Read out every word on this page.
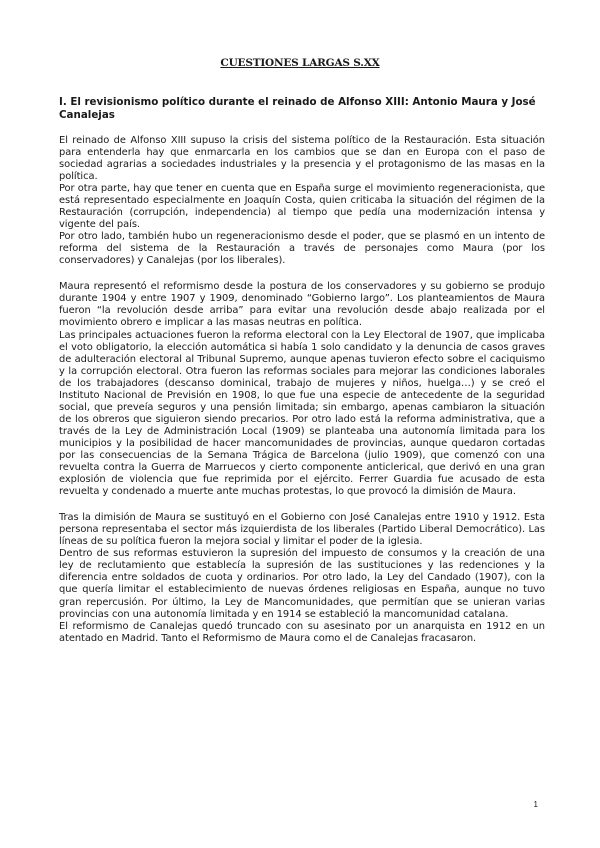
CUESTIONES LARGAS S.XX
I. El revisionismo político durante el reinado de Alfonso XIII: Antonio Maura y José Canalejas

El reinado de Alfonso XIII supuso la crisis del sistema político de la Restauración. Esta situación para entenderla hay que enmarcarla en los cambios que se dan en Europa con el paso de sociedad agrarias a sociedades industriales y la presencia y el protagonismo de las masas en la política.

Por otra parte, hay que tener en cuenta que en España surge el movimiento regeneracionista, que está representado especialmente en Joaquín Costa, quien criticaba la situación del régimen de la Restauración (corrupción, independencia) al tiempo que pedía una modernización intensa y vigente del país.

Por otro lado, también hubo un regeneracionismo desde el poder, que se plasmó en un intento de reforma del sistema de la Restauración a través de personajes como Maura (por los conservadores) y Canalejas (por los liberales).

Maura representó el reformismo desde la postura de los conservadores y su gobierno se produjo durante 1904 y entre 1907 y 1909, denominado “Gobierno largo”. Los planteamientos de Maura fueron “la revolución desde arriba” para evitar una revolución desde abajo realizada por el movimiento obrero e implicar a las masas neutras en política.

Las principales actuaciones fueron la reforma electoral con la Ley Electoral de 1907, que implicaba el voto obligatorio, la elección automática si había 1 solo candidato y la denuncia de casos graves de adulteración electoral al Tribunal Supremo, aunque apenas tuvieron efecto sobre el caciquismo y la corrupción electoral. Otra fueron las reformas sociales para mejorar las condiciones laborales de los trabajadores (descanso dominical, trabajo de mujeres y niños, huelga…) y se creó el Instituto Nacional de Previsión en 1908, lo que fue una especie de antecedente de la seguridad social, que preveía seguros y una pensión limitada; sin embargo, apenas cambiaron la situación de los obreros que siguieron siendo precarios. Por otro lado está la reforma administrativa, que a través de la Ley de Administración Local (1909) se planteaba una autonomía limitada para los municipios y la posibilidad de hacer mancomunidades de provincias, aunque quedaron cortadas por las consecuencias de la Semana Trágica de Barcelona (julio 1909), que comenzó con una revuelta contra la Guerra de Marruecos y cierto componente anticlerical, que derivó en una gran explosión de violencia que fue reprimida por el ejército. Ferrer Guardia fue acusado de esta revuelta y condenado a muerte ante muchas protestas, lo que provocó la dimisión de Maura.

Tras la dimisión de Maura se sustituyó en el Gobierno con José Canalejas entre 1910 y 1912. Esta persona representaba el sector más izquierdista de los liberales (Partido Liberal Democrático). Las líneas de su política fueron la mejora social y limitar el poder de la iglesia.

Dentro de sus reformas estuvieron la supresión del impuesto de consumos y la creación de una ley de reclutamiento que establecía la supresión de las sustituciones y las redenciones y la diferencia entre soldados de cuota y ordinarios. Por otro lado, la Ley del Candado (1907), con la que quería limitar el establecimiento de nuevas órdenes religiosas en España, aunque no tuvo gran repercusión. Por último, la Ley de Mancomunidades, que permitían que se unieran varias provincias con una autonomía limitada y en 1914 se estableció la mancomunidad catalana.

El reformismo de Canalejas quedó truncado con su asesinato por un anarquista en 1912 en un atentado en Madrid. Tanto el Reformismo de Maura como el de Canalejas fracasaron.

1
